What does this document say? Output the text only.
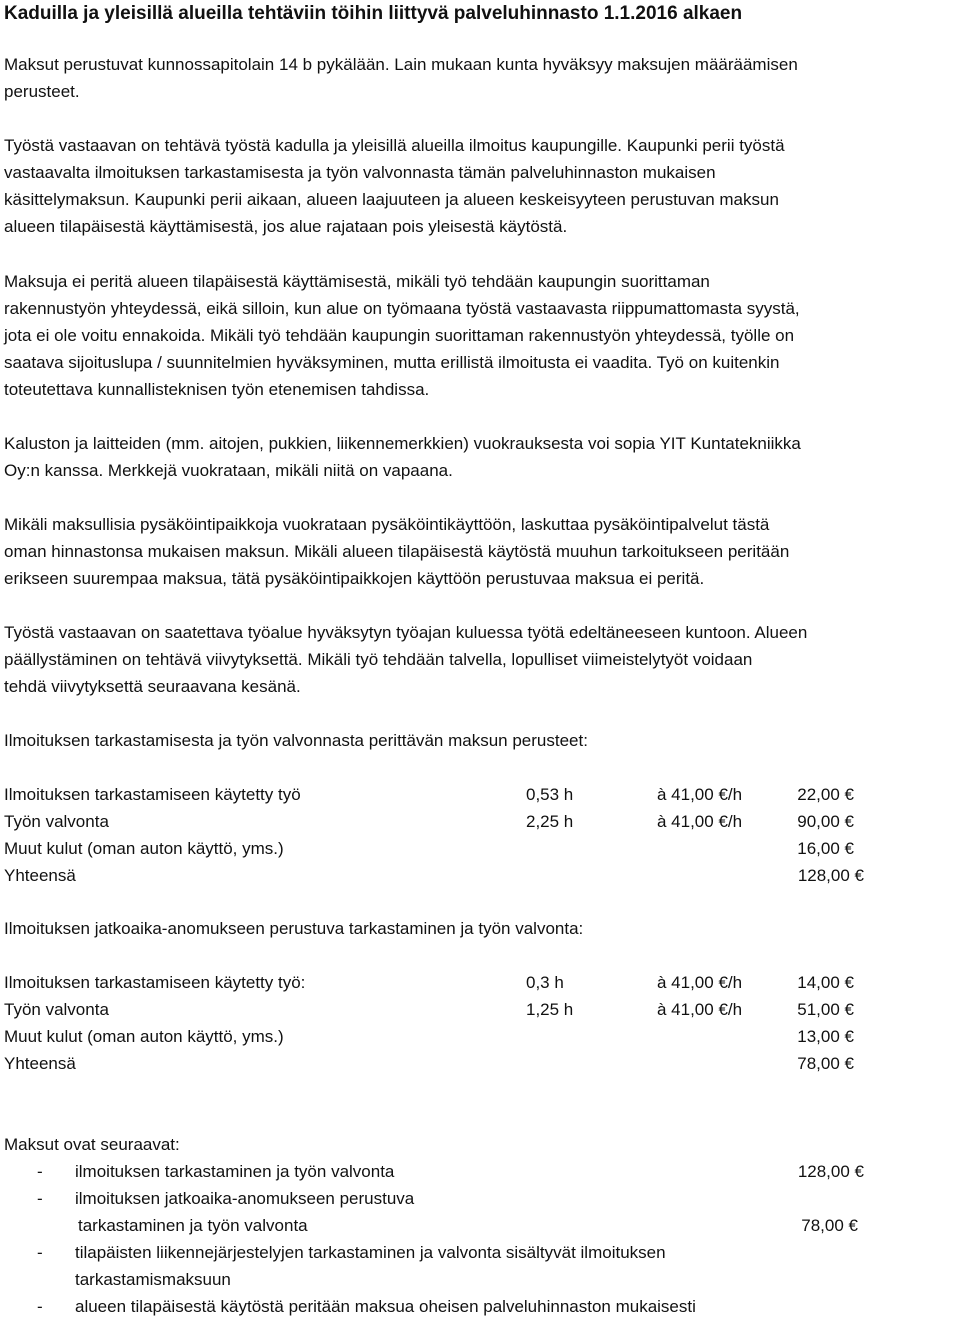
Kaduilla ja yleisillä alueilla tehtäviin töihin liittyvä palveluhinnasto 1.1.2016 alkaen
Maksut perustuvat kunnossapitolain 14 b pykälään. Lain mukaan kunta hyväksyy maksujen määräämisen
perusteet.
Työstä vastaavan on tehtävä työstä kadulla ja yleisillä alueilla ilmoitus kaupungille. Kaupunki perii työstä
vastaavalta ilmoituksen tarkastamisesta ja työn valvonnasta tämän palveluhinnaston mukaisen
käsittelymaksun. Kaupunki perii aikaan, alueen laajuuteen ja alueen keskeisyyteen perustuvan maksun
alueen tilapäisestä käyttämisestä, jos alue rajataan pois yleisestä käytöstä.
Maksuja ei peritä alueen tilapäisestä käyttämisestä, mikäli työ tehdään kaupungin suorittaman
rakennustyön yhteydessä, eikä silloin, kun alue on työmaana työstä vastaavasta riippumattomasta syystä,
jota ei ole voitu ennakoida. Mikäli työ tehdään kaupungin suorittaman rakennustyön yhteydessä, työlle on
saatava sijoituslupa / suunnitelmien hyväksyminen, mutta erillistä ilmoitusta ei vaadita. Työ on kuitenkin
toteutettava kunnallisteknisen työn etenemisen tahdissa.
Kaluston ja laitteiden (mm. aitojen, pukkien, liikennemerkkien) vuokrauksesta voi sopia YIT Kuntatekniikka
Oy:n kanssa. Merkkejä vuokrataan, mikäli niitä on vapaana.
Mikäli maksullisia pysäköintipaikkoja vuokrataan pysäköintikäyttöön, laskuttaa pysäköintipalvelut tästä
oman hinnastonsa mukaisen maksun. Mikäli alueen tilapäisestä käytöstä muuhun tarkoitukseen peritään
erikseen suurempaa maksua, tätä pysäköintipaikkojen käyttöön perustuvaa maksua ei peritä.
Työstä vastaavan on saatettava työalue hyväksytyn työajan kuluessa työtä edeltäneeseen kuntoon. Alueen
päällystäminen on tehtävä viivytyksettä. Mikäli työ tehdään talvella, lopulliset viimeistelytyöt voidaan
tehdä viivytyksettä seuraavana kesänä.
Ilmoituksen tarkastamisesta ja työn valvonnasta perittävän maksun perusteet:
Ilmoituksen tarkastamiseen käytetty työ	0,53 h	à 41,00 €/h	22,00 €
Työn valvonta	2,25 h	à 41,00 €/h	90,00 €
Muut kulut (oman auton käyttö, yms.)	16,00 €
Yhteensä	128,00 €
Ilmoituksen jatkoaika-anomukseen perustuva tarkastaminen ja työn valvonta:
Ilmoituksen tarkastamiseen käytetty työ:	0,3 h	à 41,00 €/h	14,00 €
Työn valvonta	1,25 h	à 41,00 €/h	51,00 €
Muut kulut (oman auton käyttö, yms.)	13,00 €
Yhteensä	78,00 €
Maksut ovat seuraavat:
- ilmoituksen tarkastaminen ja työn valvonta	128,00 €
- ilmoituksen jatkoaika-anomukseen perustuva
tarkastaminen ja työn valvonta	78,00 €
- tilapäisten liikennejärjestelyjen tarkastaminen ja valvonta sisältyvät ilmoituksen
tarkastamismaksuun
- alueen tilapäisestä käytöstä peritään maksua oheisen palveluhinnaston mukaisesti
